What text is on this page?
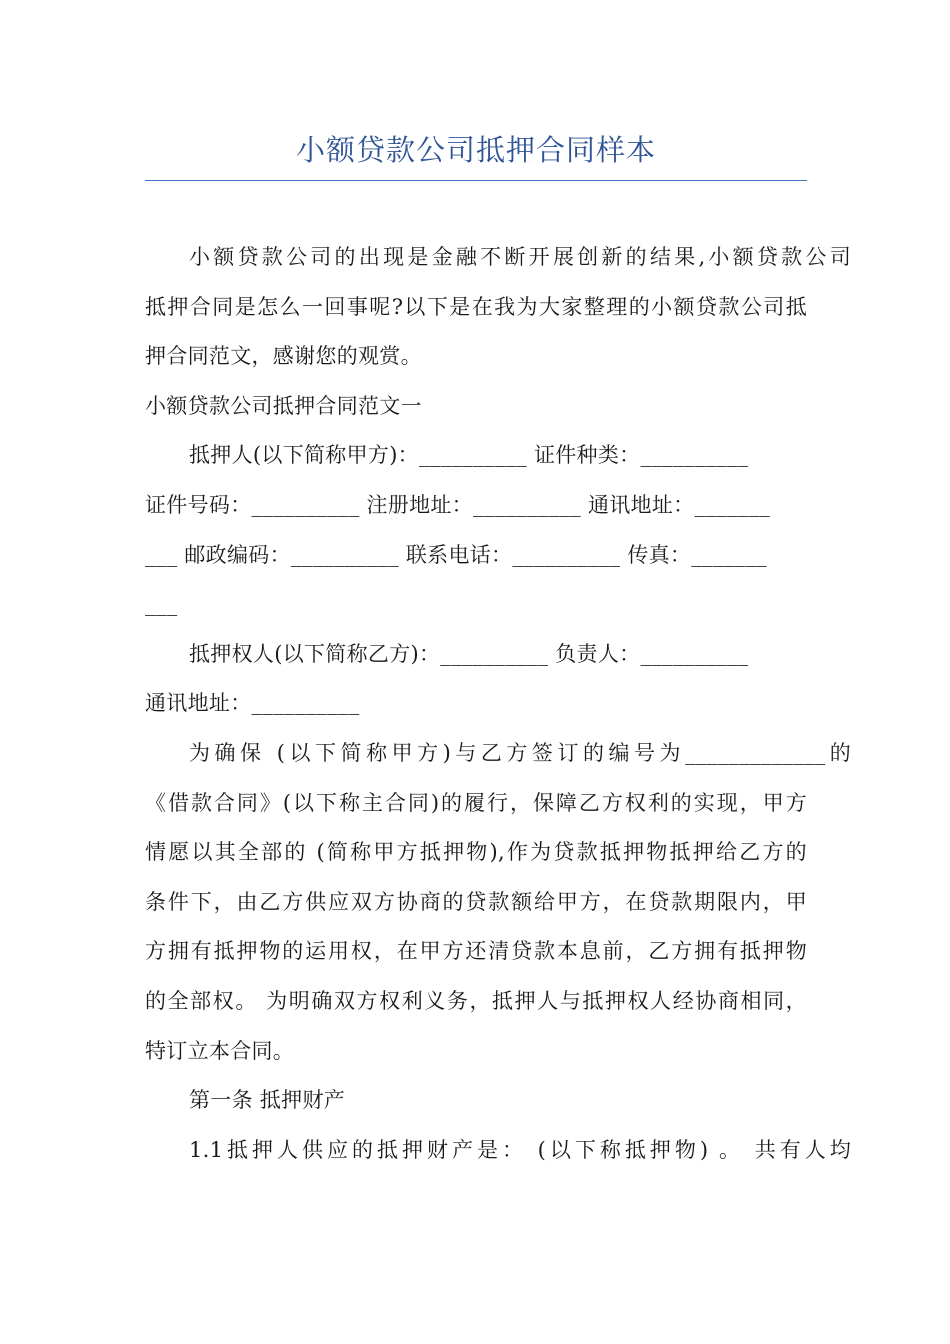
小额贷款公司抵押合同样本
小额贷款公司的出现是金融不断开展创新的结果,小额贷款公司
抵押合同是怎么一回事呢?以下是在我为大家整理的小额贷款公司抵
押合同范文，感谢您的观赏。
小额贷款公司抵押合同范文一
抵押人(以下简称甲方)：__________ 证件种类：__________
证件号码：__________ 注册地址：__________ 通讯地址：_______
___ 邮政编码：__________ 联系电话：__________ 传真：_______
___
抵押权人(以下简称乙方)：__________ 负责人：__________
通讯地址：__________
为确保 (以下简称甲方)与乙方签订的编号为_____________的
《借款合同》(以下称主合同)的履行，保障乙方权利的实现，甲方
情愿以其全部的 (简称甲方抵押物),作为贷款抵押物抵押给乙方的
条件下，由乙方供应双方协商的贷款额给甲方，在贷款期限内，甲
方拥有抵押物的运用权，在甲方还清贷款本息前，乙方拥有抵押物
的全部权。 为明确双方权利义务，抵押人与抵押权人经协商相同，
特订立本合同。
第一条 抵押财产
1.1抵押人供应的抵押财产是： (以下称抵押物) 。 共有人均
